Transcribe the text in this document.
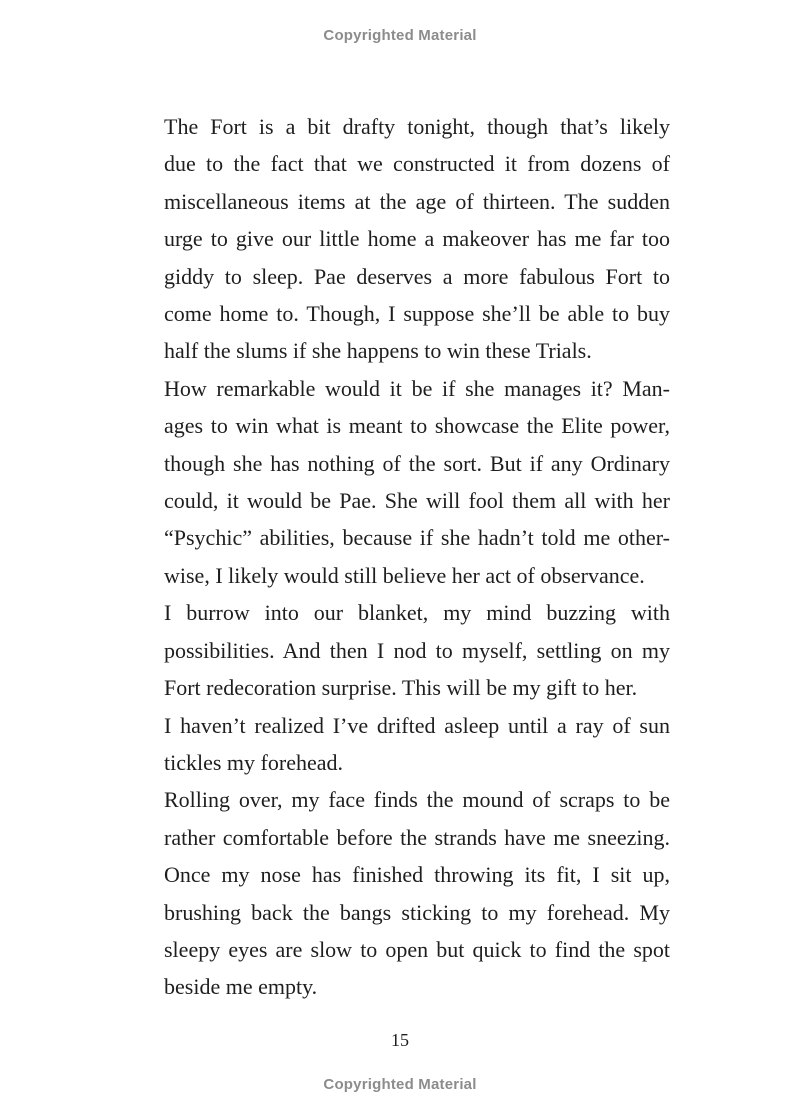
Copyrighted Material
The Fort is a bit drafty tonight, though that’s likely
due to the fact that we constructed it from dozens of
miscellaneous items at the age of thirteen. The sudden
urge to give our little home a makeover has me far too
giddy to sleep. Pae deserves a more fabulous Fort to
come home to. Though, I suppose she’ll be able to buy
half the slums if she happens to win these Trials.
How remarkable would it be if she manages it? Man-
ages to win what is meant to showcase the Elite power,
though she has nothing of the sort. But if any Ordinary
could, it would be Pae. She will fool them all with her
“Psychic” abilities, because if she hadn’t told me other-
wise, I likely would still believe her act of observance.
I burrow into our blanket, my mind buzzing with
possibilities. And then I nod to myself, settling on my
Fort redecoration surprise. This will be my gift to her.
I haven’t realized I’ve drifted asleep until a ray of sun
tickles my forehead.
Rolling over, my face finds the mound of scraps to be
rather comfortable before the strands have me sneezing.
Once my nose has finished throwing its fit, I sit up,
brushing back the bangs sticking to my forehead. My
sleepy eyes are slow to open but quick to find the spot
beside me empty.
15
Copyrighted Material
